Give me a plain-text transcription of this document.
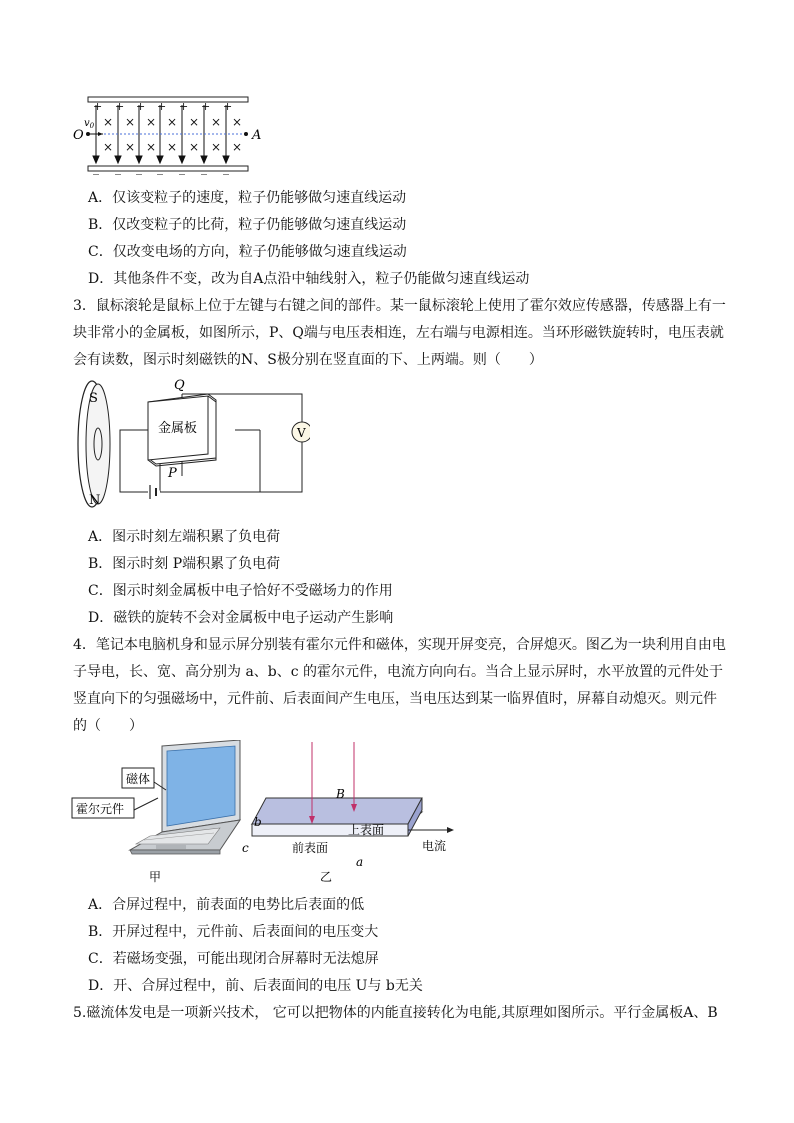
+ + + + + + +
×
×
×
×
×
×
×
×
×
×
×
×
×
×
O	A
$v_0$
A．仅该变粒子的速度，粒子仍能够做匀速直线运动
B．仅改变粒子的比荷，粒子仍能够做匀速直线运动
C．仅改变电场的方向，粒子仍能够做匀速直线运动
D．其他条件不变，改为自A点沿中轴线射入，粒子仍能做匀速直线运动
3．鼠标滚轮是鼠标上位于左键与右键之间的部件。某一鼠标滚轮上使用了霍尔效应传感器，传感器上有一
块非常小的金属板，如图所示，P、Q端与电压表相连，左右端与电源相连。当环形磁铁旋转时，电压表就
会有读数，图示时刻磁铁的N、S极分别在竖直面的下、上两端。则（　　）
S
N
金属板
Q
P
V
A．图示时刻左端积累了负电荷
B．图示时刻 P端积累了负电荷
C．图示时刻金属板中电子恰好不受磁场力的作用
D．磁铁的旋转不会对金属板中电子运动产生影响
4．笔记本电脑机身和显示屏分别装有霍尔元件和磁体，实现开屏变亮，合屏熄灭。图乙为一块利用自由电
子导电，长、宽、高分别为 a、b、c 的霍尔元件，电流方向向右。当合上显示屏时，水平放置的元件处于
竖直向下的匀强磁场中，元件前、后表面间产生电压，当电压达到某一临界值时，屏幕自动熄灭。则元件
的（　　）
磁体
霍尔元件
甲
B
上表面
前表面
b
c
a
电流
乙
A．合屏过程中，前表面的电势比后表面的低
B．开屏过程中，元件前、后表面间的电压变大
C．若磁场变强，可能出现闭合屏幕时无法熄屏
D．开、合屏过程中，前、后表面间的电压 U与 b无关
5.磁流体发电是一项新兴技术， 它可以把物体的内能直接转化为电能,其原理如图所示。平行金属板A、B
